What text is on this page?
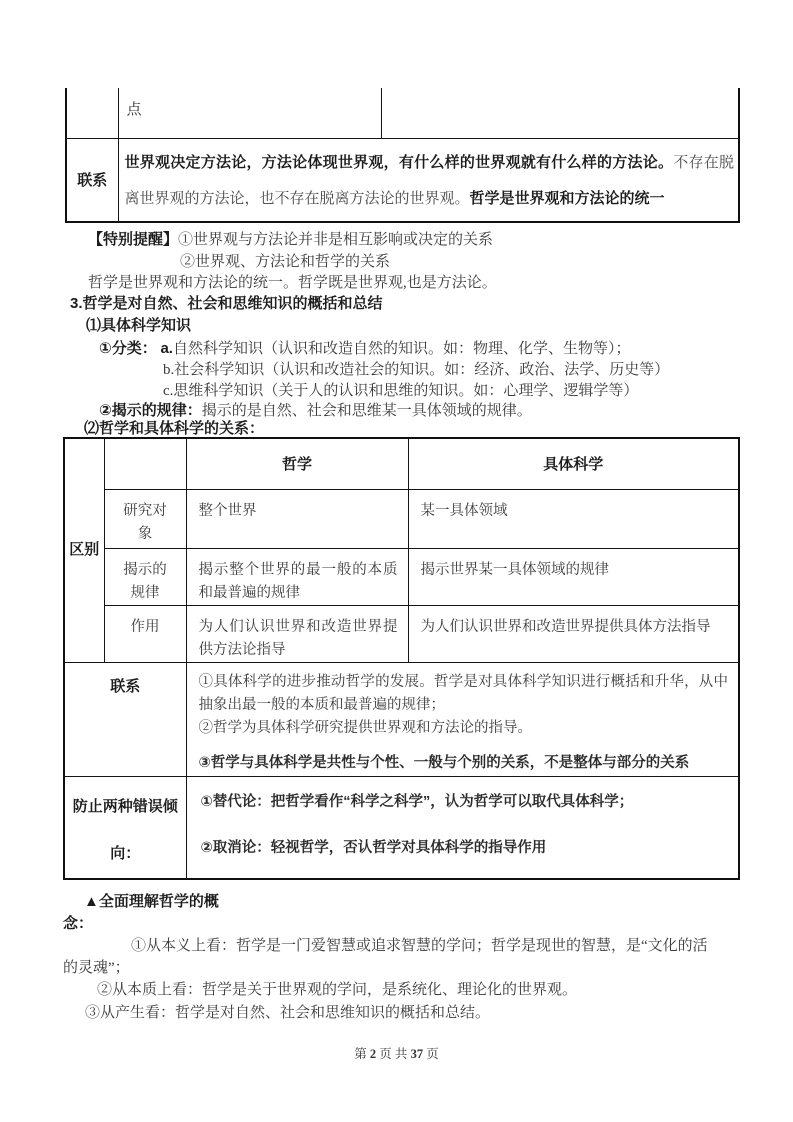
	点	
联系	世界观决定方法论，方法论体现世界观，有什么样的世界观就有什么样的方法论。不存在脱离世界观的方法论，也不存在脱离方法论的世界观。哲学是世界观和方法论的统一	
【特别提醒】①世界观与方法论并非是相互影响或决定的关系
②世界观、方法论和哲学的关系
哲学是世界观和方法论的统一。哲学既是世界观,也是方法论。
3.哲学是对自然、社会和思维知识的概括和总结
⑴具体科学知识
①分类： a.自然科学知识（认识和改造自然的知识。如：物理、化学、生物等）；
b.社会科学知识（认识和改造社会的知识。如：经济、政治、法学、历史等）
c.思维科学知识（关于人的认识和思维的知识。如：心理学、逻辑学等）
②揭示的规律：揭示的是自然、社会和思维某一具体领域的规律。
⑵哲学和具体科学的关系：
区别		哲学	具体科学
	研究对象	整个世界	某一具体领域
	揭示的规律	揭示整个世界的最一般的本质和最普遍的规律	揭示世界某一具体领域的规律
	作用	为人们认识世界和改造世界提供方法论指导	为人们认识世界和改造世界提供具体方法指导
联系		①具体科学的进步推动哲学的发展。哲学是对具体科学知识进行概括和升华，从中抽象出最一般的本质和最普遍的规律；
②哲学为具体科学研究提供世界观和方法论的指导。
③哲学与具体科学是共性与个性、一般与个别的关系，不是整体与部分的关系	

防止两种错误倾向：		①替代论：把哲学看作“科学之科学”，认为哲学可以取代具体科学；
②取消论：轻视哲学，否认哲学对具体科学的指导作用	
▲全面理解哲学的概
念：
①从本义上看：哲学是一门爱智慧或追求智慧的学问；哲学是现世的智慧，是“文化的活
的灵魂”；
②从本质上看：哲学是关于世界观的学问，是系统化、理论化的世界观。
③从产生看：哲学是对自然、社会和思维知识的概括和总结。
第 2 页 共 37 页
